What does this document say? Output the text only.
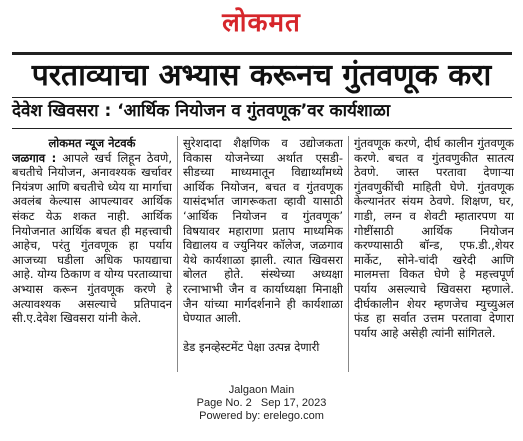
लोकमत
परताव्याचा अभ्यास करूनच गुंतवणूक करा
देवेश खिवसरा : ‘आर्थिक नियोजन व गुंतवणूक’वर कार्यशाळा

लोकमत न्यूज नेटवर्क

जळगाव : आपले खर्च लिहून ठेवणे, बचतीचे नियोजन, अनावश्यक खर्चावर नियंत्रण आणि बचतीचे ध्येय या मार्गाचा अवलंब केल्यास आपल्यावर आर्थिक संकट येऊ शकत नाही. आर्थिक नियोजनात आर्थिक बचत ही महत्त्वाची आहेच, परंतु गुंतवणूक हा पर्याय आजच्या घडीला अधिक फायद्याचा आहे. योग्य ठिकाण व योग्य परताव्याचा अभ्यास करून गुंतवणूक करणे हे अत्यावश्यक असल्याचे प्रतिपादन सी.ए.देवेश खिवसरा यांनी केले.

सुरेशदादा शैक्षणिक व उद्योजकता विकास योजनेच्या अर्थात एसडी-सीडच्या माध्यमातून विद्यार्थ्यांमध्ये आर्थिक नियोजन, बचत व गुंतवणूक यासंदर्भात जागरूकता व्हावी यासाठी ‘आर्थिक नियोजन व गुंतवणूक’ विषयावर महाराणा प्रताप माध्यमिक विद्यालय व ज्युनियर कॉलेज, जळगाव येथे कार्यशाळा झाली. त्यात खिवसरा बोलत होते. संस्थेच्या अध्यक्षा रत्नाभाभी जैन व कार्याध्यक्षा मिनाक्षी जैन यांच्या मार्गदर्शनाने ही कार्यशाळा घेण्यात आली.

डेड इनव्हेस्टमेंट पेक्षा उत्पन्न देणारी

गुंतवणूक करणे, दीर्घ कालीन गुंतवणूक करणे. बचत व गुंतवणुकीत सातत्य ठेवणे. जास्त परतावा देणाऱ्या गुंतवणुकींची माहिती घेणे. गुंतवणूक केल्यानंतर संयम ठेवणे. शिक्षण, घर, गाडी, लग्न व शेवटी म्हातारपण या गोष्टींसाठी आर्थिक नियोजन करण्यासाठी बॉन्ड, एफ.डी.,शेयर मार्केट, सोने-चांदी खरेदी आणि मालमत्ता विकत घेणे हे महत्त्वपूर्ण पर्याय असल्याचे खिवसरा म्हणाले. दीर्घकालीन शेयर म्हणजेच म्युच्युअल फंड हा सर्वात उत्तम परतावा देणारा पर्याय आहे असेही त्यांनी सांगितले.

Jalgaon Main
Page No. 2 Sep 17, 2023
Powered by: erelego.com
